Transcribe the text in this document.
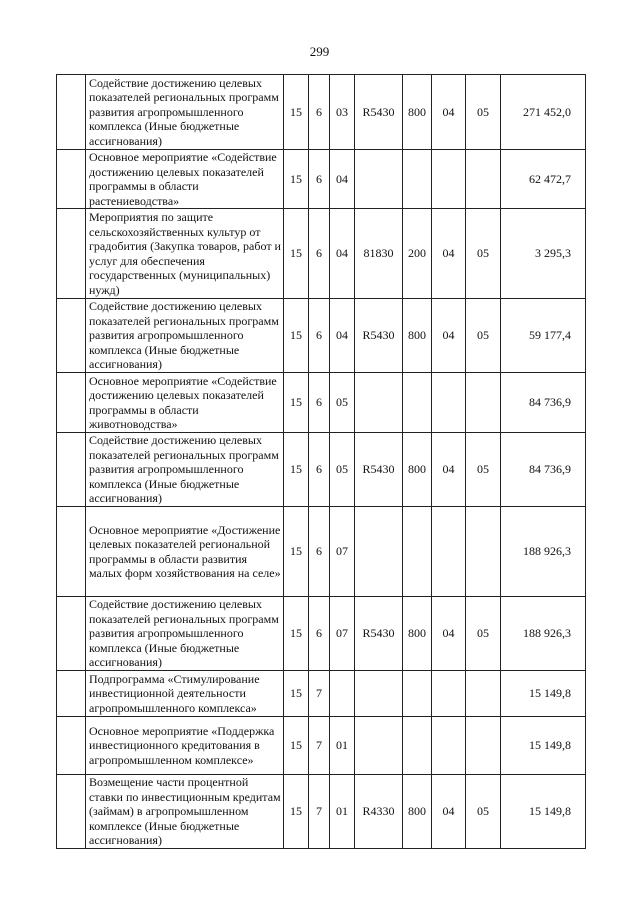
299
	Содействие достижению целевых показателей региональных программ развития агропромышленного комплекса (Иные бюджетные ассигнования)	15	6	03	R5430	800	04	05	271 452,0
	Основное мероприятие «Содействие достижению целевых показателей программы в области растениеводства»	15	6	04					62 472,7
	Мероприятия по защите сельскохозяйственных культур от градобития (Закупка товаров, работ и услуг для обеспечения государственных (муниципальных) нужд)	15	6	04	81830	200	04	05	3 295,3
	Содействие достижению целевых показателей региональных программ развития агропромышленного комплекса (Иные бюджетные ассигнования)	15	6	04	R5430	800	04	05	59 177,4
	Основное мероприятие «Содействие достижению целевых показателей программы в области животноводства»	15	6	05					84 736,9
	Содействие достижению целевых показателей региональных программ развития агропромышленного комплекса (Иные бюджетные ассигнования)	15	6	05	R5430	800	04	05	84 736,9
	Основное мероприятие «Достижение целевых показателей региональной программы в области развития малых форм хозяйствования на селе»	15	6	07					188 926,3
	Содействие достижению целевых показателей региональных программ развития агропромышленного комплекса (Иные бюджетные ассигнования)	15	6	07	R5430	800	04	05	188 926,3
	Подпрограмма «Стимулирование инвестиционной деятельности агропромышленного комплекса»	15	7						15 149,8
	Основное мероприятие «Поддержка инвестиционного кредитования в агропромышленном комплексе»	15	7	01					15 149,8
	Возмещение части процентной ставки по инвестиционным кредитам (займам) в агропромышленном комплексе (Иные бюджетные ассигнования)	15	7	01	R4330	800	04	05	15 149,8
